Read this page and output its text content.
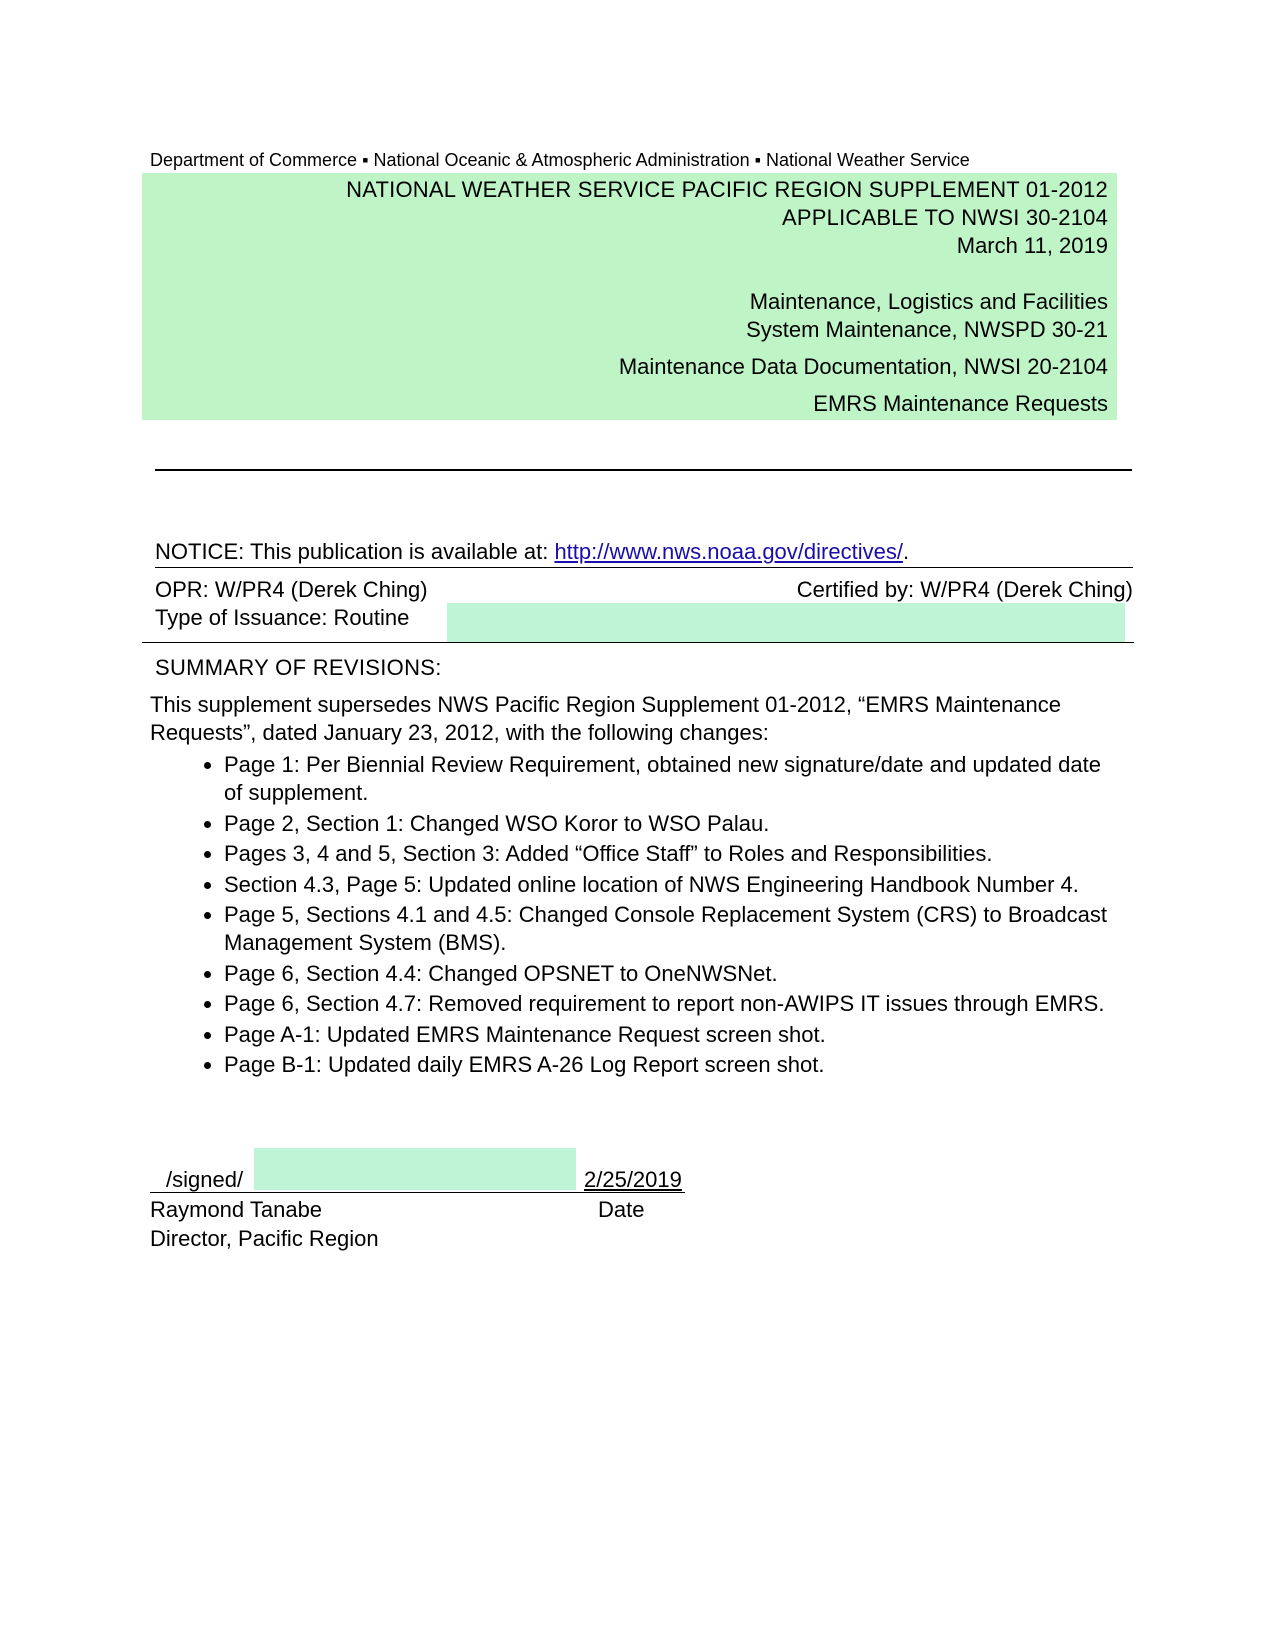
Department of Commerce ▪ National Oceanic & Atmospheric Administration ▪ National Weather Service
NATIONAL WEATHER SERVICE PACIFIC REGION SUPPLEMENT 01-2012
APPLICABLE TO NWSI 30-2104
March 11, 2019
Maintenance, Logistics and Facilities
System Maintenance, NWSPD 30-21
Maintenance Data Documentation, NWSI 20-2104
EMRS Maintenance Requests
NOTICE: This publication is available at: http://www.nws.noaa.gov/directives/.
OPR: W/PR4 (Derek Ching)	Certified by: W/PR4 (Derek Ching)
Type of Issuance: Routine
SUMMARY OF REVISIONS:
This supplement supersedes NWS Pacific Region Supplement 01-2012, “EMRS Maintenance Requests”, dated January 23, 2012, with the following changes:
• Page 1: Per Biennial Review Requirement, obtained new signature/date and updated date of supplement.
• Page 2, Section 1: Changed WSO Koror to WSO Palau.
• Pages 3, 4 and 5, Section 3: Added “Office Staff” to Roles and Responsibilities.
• Section 4.3, Page 5: Updated online location of NWS Engineering Handbook Number 4.
• Page 5, Sections 4.1 and 4.5: Changed Console Replacement System (CRS) to Broadcast Management System (BMS).
• Page 6, Section 4.4: Changed OPSNET to OneNWSNet.
• Page 6, Section 4.7: Removed requirement to report non-AWIPS IT issues through EMRS.
• Page A-1: Updated EMRS Maintenance Request screen shot.
• Page B-1: Updated daily EMRS A-26 Log Report screen shot.
/signed/	2/25/2019
Raymond Tanabe	Date
Director, Pacific Region
